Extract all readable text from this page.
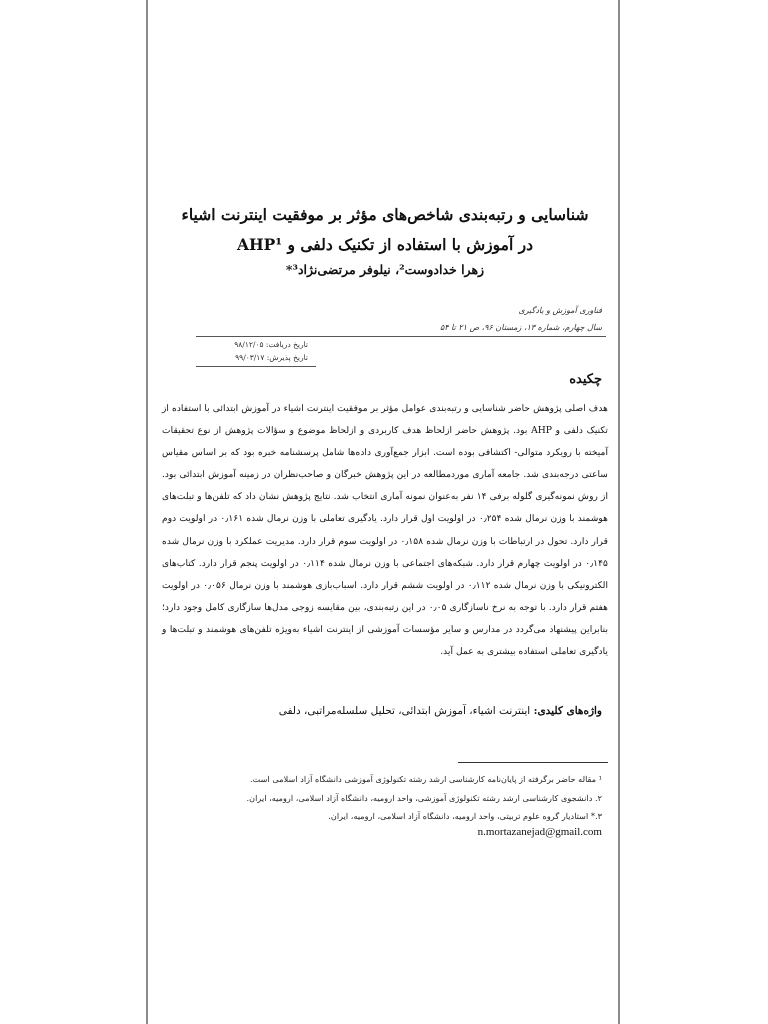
شناسایی و رتبه‌بندی شاخص‌های مؤثر بر موفقیت اینترنت اشیاء
در آموزش با استفاده از تکنیک دلفی و AHP¹
زهرا خدادوست²، نیلوفر مرتضی‌نژاد³*
فناوری آموزش و یادگیری
سال چهارم، شماره ۱۳، زمستان ۹۶، ص ۲۱ تا ۵۴
تاریخ دریافت: ۹۸/۱۲/۰۵
تاریخ پذیرش: ۹۹/۰۳/۱۷
چکیده
هدف اصلی پژوهش حاضر شناسایی و رتبه‌بندی عوامل مؤثر بر موفقیت اینترنت اشیاء در آموزش ابتدائی با استفاده از تکنیک دلفی و AHP بود. پژوهش حاضر ازلحاظ هدف کاربردی و ازلحاظ موضوع و سؤالات پژوهش از نوع تحقیقات آمیخته با رویکرد متوالی- اکتشافی بوده است. ابزار جمع‌آوری داده‌ها شامل پرسشنامه خبره بود که بر اساس مقیاس ساعتی درجه‌بندی شد. جامعه آماری موردمطالعه در این پژوهش خبرگان و صاحب‌نظران در زمینه آموزش ابتدائی بود. از روش نمونه‌گیری گلوله برفی ۱۴ نفر به‌عنوان نمونه آماری انتخاب شد. نتایج پژوهش نشان داد که تلفن‌ها و تبلت‌های هوشمند با وزن نرمال شده ۰٫۲۵۴ در اولویت اول قرار دارد. یادگیری تعاملی با وزن نرمال شده ۰٫۱۶۱ در اولویت دوم قرار دارد. تحول در ارتباطات با وزن نرمال شده ۰٫۱۵۸ در اولویت سوم قرار دارد. مدیریت عملکرد با وزن نرمال شده ۰٫۱۴۵ در اولویت چهارم قرار دارد. شبکه‌های اجتماعی با وزن نرمال شده ۰٫۱۱۴ در اولویت پنجم قرار دارد. کتاب‌های الکترونیکی با وزن نرمال شده ۰٫۱۱۲ در اولویت ششم قرار دارد. اسباب‌بازی هوشمند با وزن نرمال ۰٫۰۵۶ در اولویت هفتم قرار دارد. با توجه به نرخ ناسازگاری ۰٫۰۵ در این رتبه‌بندی، بین مقایسه زوجی مدل‌ها سازگاری کامل وجود دارد؛ بنابراین پیشنهاد می‌گردد در مدارس و سایر مؤسسات آموزشی از اینترنت اشیاء به‌ویژه تلفن‌های هوشمند و تبلت‌ها و یادگیری تعاملی استفاده بیشتری به عمل آید.
واژه‌های کلیدی: اینترنت اشیاء، آموزش ابتدائی، تحلیل سلسله‌مراتبی، دلفی
¹ مقاله حاضر برگرفته از پایان‌نامه کارشناسی ارشد رشته تکنولوژی آموزشی دانشگاه آزاد اسلامی است.
۲. دانشجوی کارشناسی ارشد رشته تکنولوژی آموزشی، واحد ارومیه، دانشگاه آزاد اسلامی، ارومیه، ایران.
۳.* استادیار گروه علوم تربیتی، واحد ارومیه، دانشگاه آزاد اسلامی، ارومیه، ایران.
n.mortazanejad@gmail.com
